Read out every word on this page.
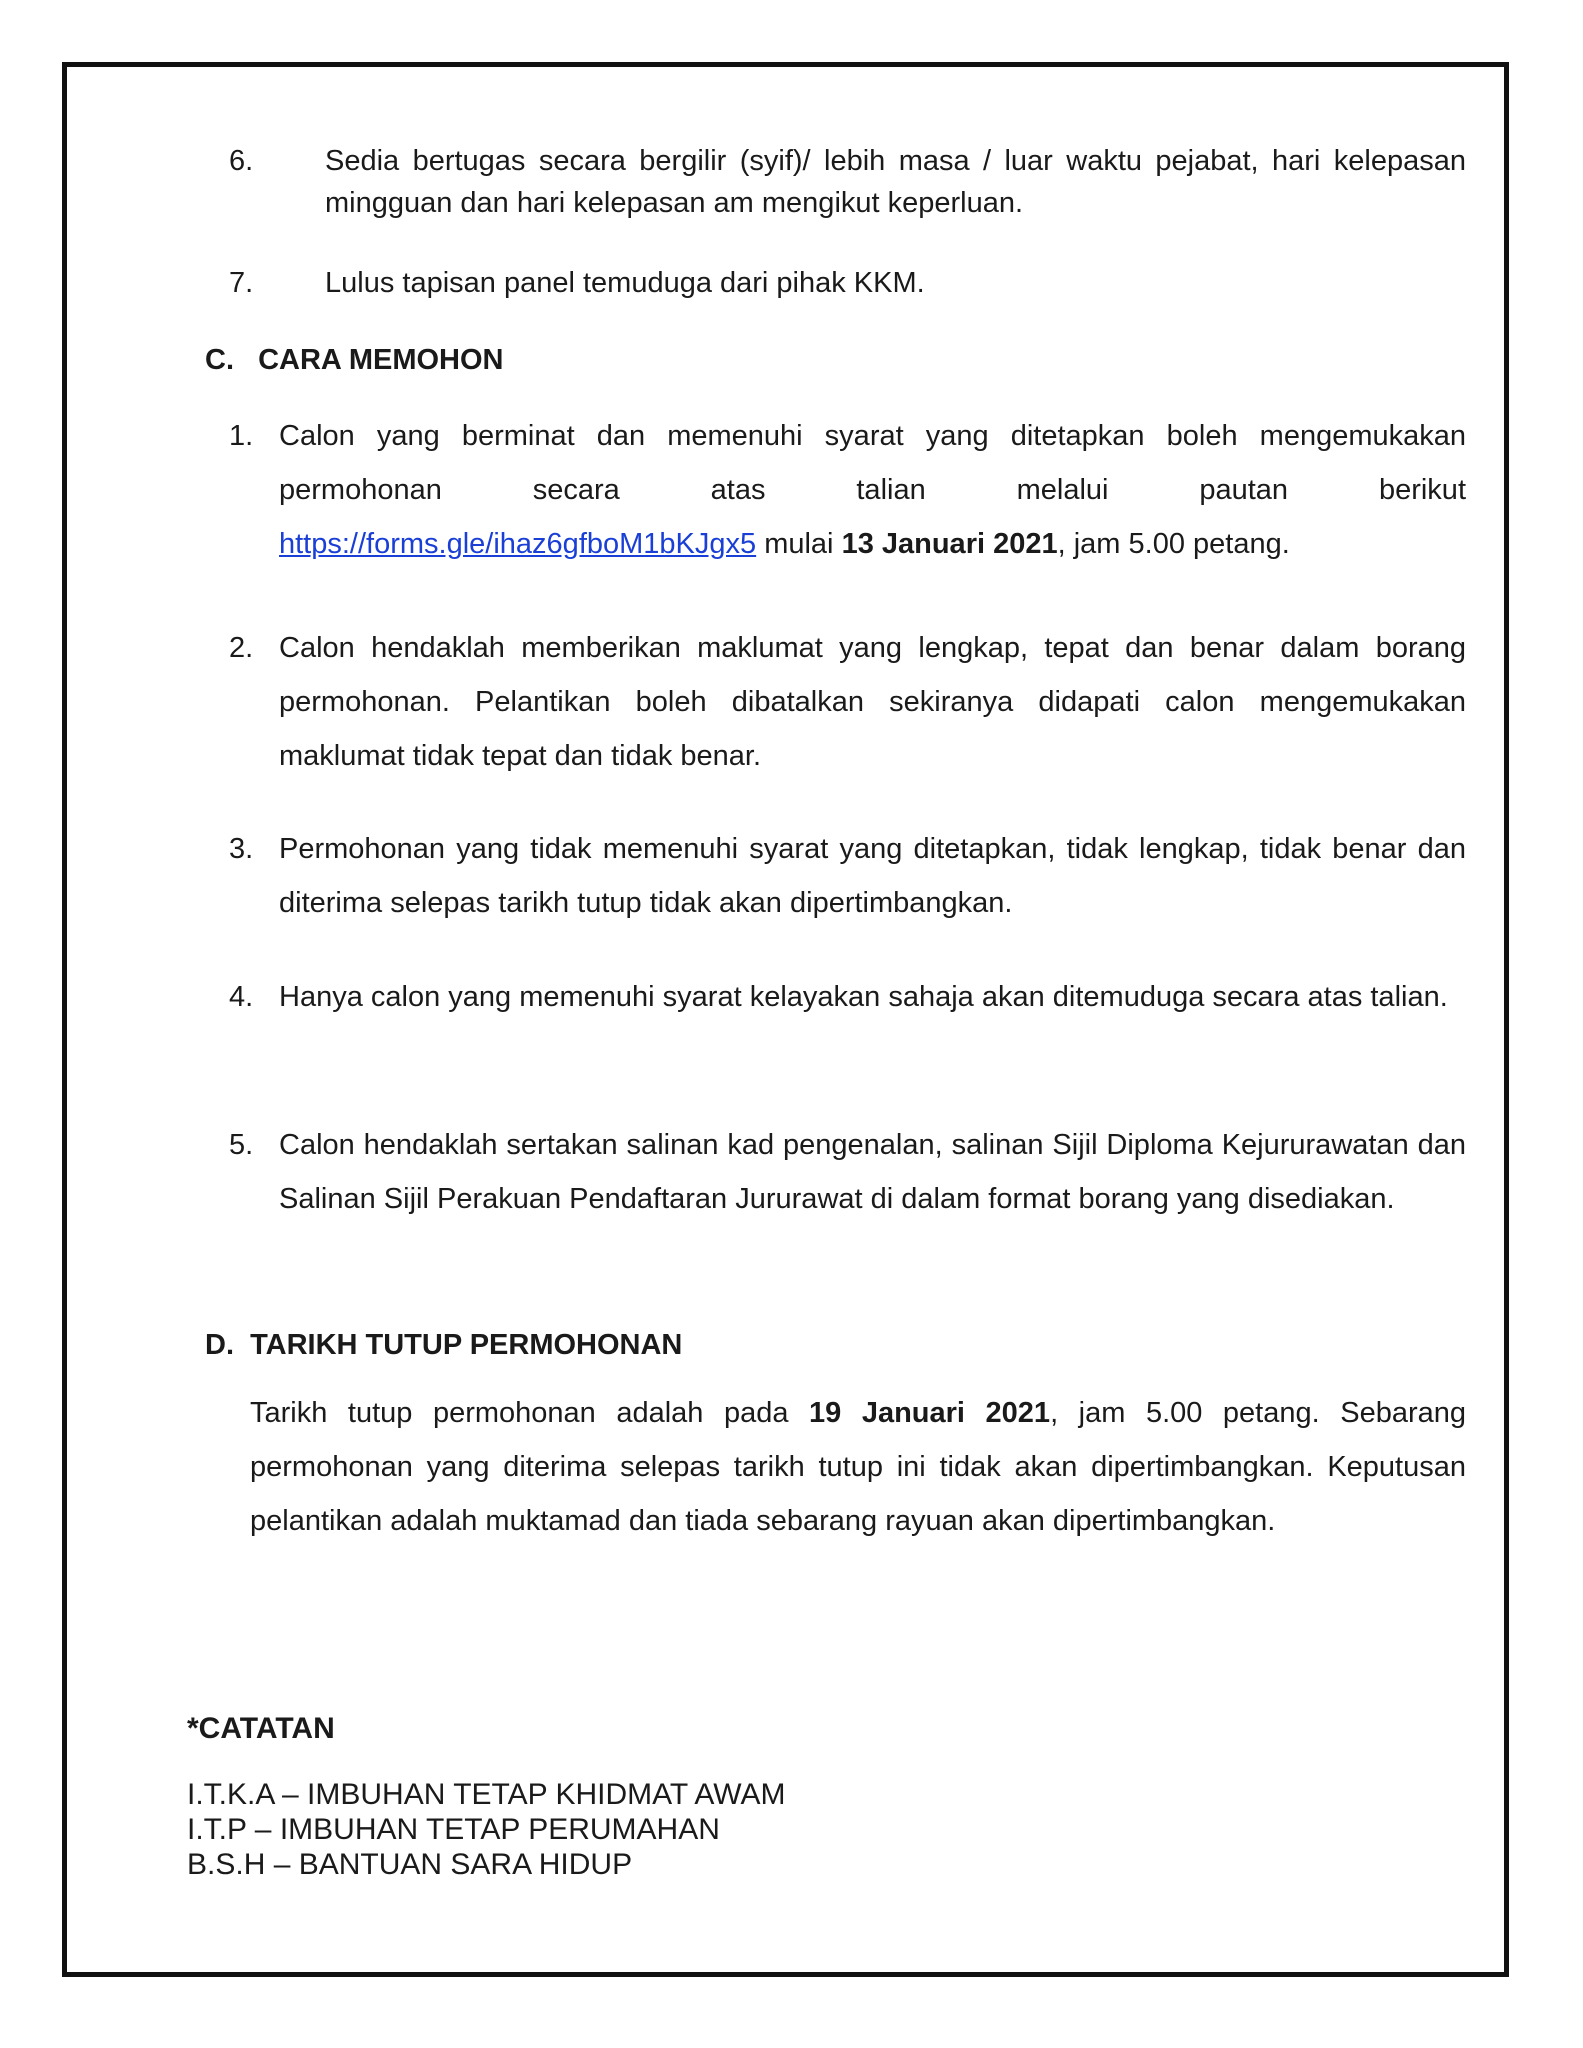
6. Sedia bertugas secara bergilir (syif)/ lebih masa / luar waktu pejabat, hari kelepasan mingguan dan hari kelepasan am mengikut keperluan.
7. Lulus tapisan panel temuduga dari pihak KKM.
C. CARA MEMOHON
1. Calon yang berminat dan memenuhi syarat yang ditetapkan boleh mengemukakan
permohonan secara atas talian melalui pautan berikut
https://forms.gle/ihaz6gfboM1bKJgx5 mulai 13 Januari 2021, jam 5.00 petang.
2. Calon hendaklah memberikan maklumat yang lengkap, tepat dan benar dalam borang permohonan. Pelantikan boleh dibatalkan sekiranya didapati calon mengemukakan maklumat tidak tepat dan tidak benar.
3. Permohonan yang tidak memenuhi syarat yang ditetapkan, tidak lengkap, tidak benar dan diterima selepas tarikh tutup tidak akan dipertimbangkan.
4. Hanya calon yang memenuhi syarat kelayakan sahaja akan ditemuduga secara atas talian.
5. Calon hendaklah sertakan salinan kad pengenalan, salinan Sijil Diploma Kejururawatan dan Salinan Sijil Perakuan Pendaftaran Jururawat di dalam format borang yang disediakan.
D. TARIKH TUTUP PERMOHONAN
Tarikh tutup permohonan adalah pada 19 Januari 2021, jam 5.00 petang. Sebarang permohonan yang diterima selepas tarikh tutup ini tidak akan dipertimbangkan. Keputusan pelantikan adalah muktamad dan tiada sebarang rayuan akan dipertimbangkan.
*CATATAN
I.T.K.A – IMBUHAN TETAP KHIDMAT AWAM
I.T.P – IMBUHAN TETAP PERUMAHAN
B.S.H – BANTUAN SARA HIDUP
